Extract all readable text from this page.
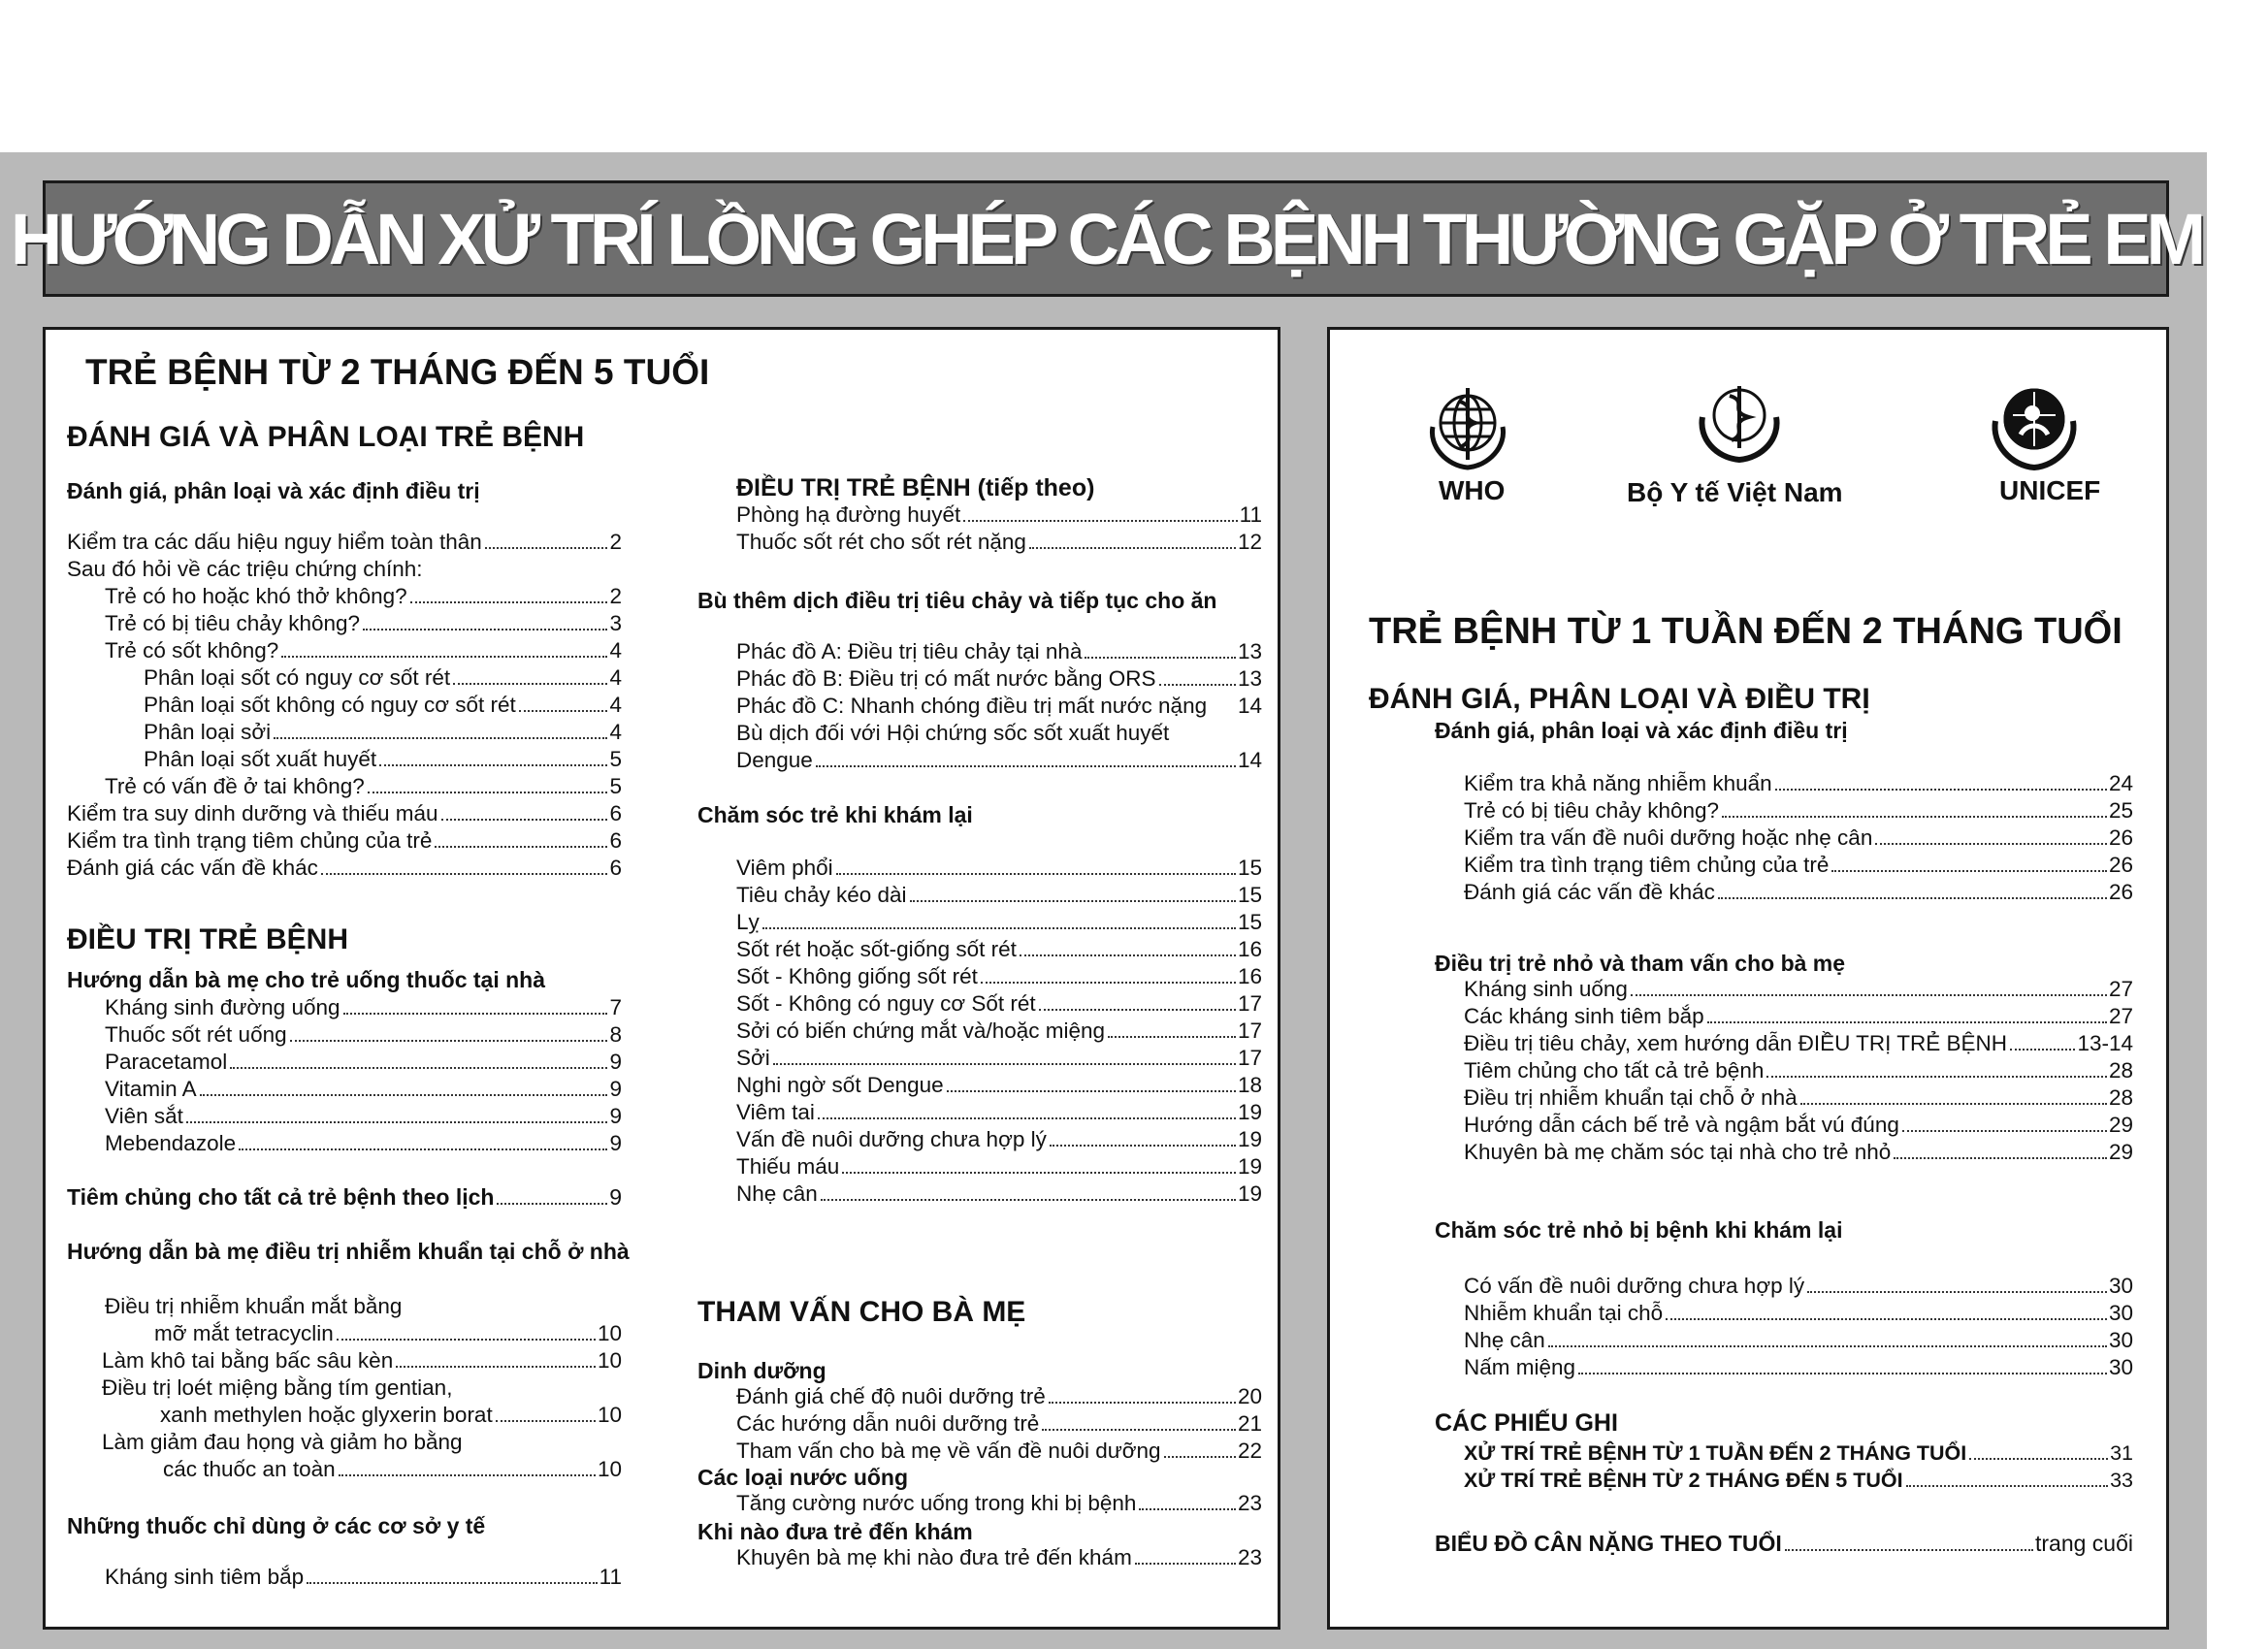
HƯỚNG DẪN XỬ TRÍ LỒNG GHÉP CÁC BỆNH THƯỜNG GẶP Ở TRẺ EM
TRẺ BỆNH TỪ 2 THÁNG ĐẾN 5 TUỔI
ĐÁNH GIÁ VÀ PHÂN LOẠI TRẺ BỆNH
Đánh giá, phân loại và xác định điều trị
Kiểm tra các dấu hiệu nguy hiểm toàn thân	2
Sau đó hỏi về các triệu chứng chính:
Trẻ có ho hoặc khó thở không?	2
Trẻ có bị tiêu chảy không?	3
Trẻ có sốt không?	4
Phân loại sốt có nguy cơ sốt rét	4
Phân loại sốt không có nguy cơ sốt rét	4
Phân loại sởi	4
Phân loại sốt xuất huyết	5
Trẻ có vấn đề ở tai không?	5
Kiểm tra suy dinh dưỡng và thiếu máu	6
Kiểm tra tình trạng tiêm chủng của trẻ	6
Đánh giá các vấn đề khác	6
ĐIỀU TRỊ TRẺ BỆNH
Hướng dẫn bà mẹ cho trẻ uống thuốc tại nhà
Kháng sinh đường uống	7
Thuốc sốt rét uống	8
Paracetamol	9
Vitamin A	9
Viên sắt	9
Mebendazole	9
Tiêm chủng cho tất cả trẻ bệnh theo lịch	9
Hướng dẫn bà mẹ điều trị nhiễm khuẩn tại chỗ ở nhà
Điều trị nhiễm khuẩn mắt bằng
mỡ mắt tetracyclin	10
Làm khô tai bằng bấc sâu kèn	10
Điều trị loét miệng bằng tím gentian,
xanh methylen hoặc glyxerin borat	10
Làm giảm đau họng và giảm ho bằng
các thuốc an toàn	10
Những thuốc chỉ dùng ở các cơ sở y tế
Kháng sinh tiêm bắp	11
ĐIỀU TRỊ TRẺ BỆNH (tiếp theo)
Phòng hạ đường huyết	11
Thuốc sốt rét cho sốt rét nặng	12
Bù thêm dịch điều trị tiêu chảy và tiếp tục cho ăn
Phác đồ A: Điều trị tiêu chảy tại nhà	13
Phác đồ B: Điều trị có mất nước bằng ORS	13
Phác đồ C: Nhanh chóng điều trị mất nước nặng 14
Bù dịch đối với Hội chứng sốc sốt xuất huyết
Dengue	14
Chăm sóc trẻ khi khám lại
Viêm phổi	15
Tiêu chảy kéo dài	15
Lỵ	15
Sốt rét hoặc sốt-giống sốt rét	16
Sốt - Không giống sốt rét	16
Sốt - Không có nguy cơ Sốt rét	17
Sởi có biến chứng mắt và/hoặc miệng	17
Sởi	17
Nghi ngờ sốt Dengue	18
Viêm tai	19
Vấn đề nuôi dưỡng chưa hợp lý	19
Thiếu máu	19
Nhẹ cân	19
THAM VẤN CHO BÀ MẸ
Dinh dưỡng
Đánh giá chế độ nuôi dưỡng trẻ	20
Các hướng dẫn nuôi dưỡng trẻ	21
Tham vấn cho bà mẹ về vấn đề nuôi dưỡng	22
Các loại nước uống
Tăng cường nước uống trong khi bị bệnh	23
Khi nào đưa trẻ đến khám
Khuyên bà mẹ khi nào đưa trẻ đến khám	23
WHO	Bộ Y tế Việt Nam	UNICEF
TRẺ BỆNH TỪ 1 TUẦN ĐẾN 2 THÁNG TUỔI
ĐÁNH GIÁ, PHÂN LOẠI VÀ ĐIỀU TRỊ
Đánh giá, phân loại và xác định điều trị
Kiểm tra khả năng nhiễm khuẩn	24
Trẻ có bị tiêu chảy không?	25
Kiểm tra vấn đề nuôi dưỡng hoặc nhẹ cân	26
Kiểm tra tình trạng tiêm chủng của trẻ	26
Đánh giá các vấn đề khác	26
Điều trị trẻ nhỏ và tham vấn cho bà mẹ
Kháng sinh uống	27
Các kháng sinh tiêm bắp	27
Điều trị tiêu chảy, xem hướng dẫn ĐIỀU TRỊ TRẺ BỆNH	13-14
Tiêm chủng cho tất cả trẻ bệnh	28
Điều trị nhiễm khuẩn tại chỗ ở nhà	28
Hướng dẫn cách bế trẻ và ngậm bắt vú đúng	29
Khuyên bà mẹ chăm sóc tại nhà cho trẻ nhỏ	29
Chăm sóc trẻ nhỏ bị bệnh khi khám lại
Có vấn đề nuôi dưỡng chưa hợp lý	30
Nhiễm khuẩn tại chỗ	30
Nhẹ cân	30
Nấm miệng	30
CÁC PHIẾU GHI
XỬ TRÍ TRẺ BỆNH TỪ 1 TUẦN ĐẾN 2 THÁNG TUỔI	31
XỬ TRÍ TRẺ BỆNH TỪ 2 THÁNG ĐẾN 5 TUỔI	33
BIỂU ĐỒ CÂN NẶNG THEO TUỔI	trang cuối
